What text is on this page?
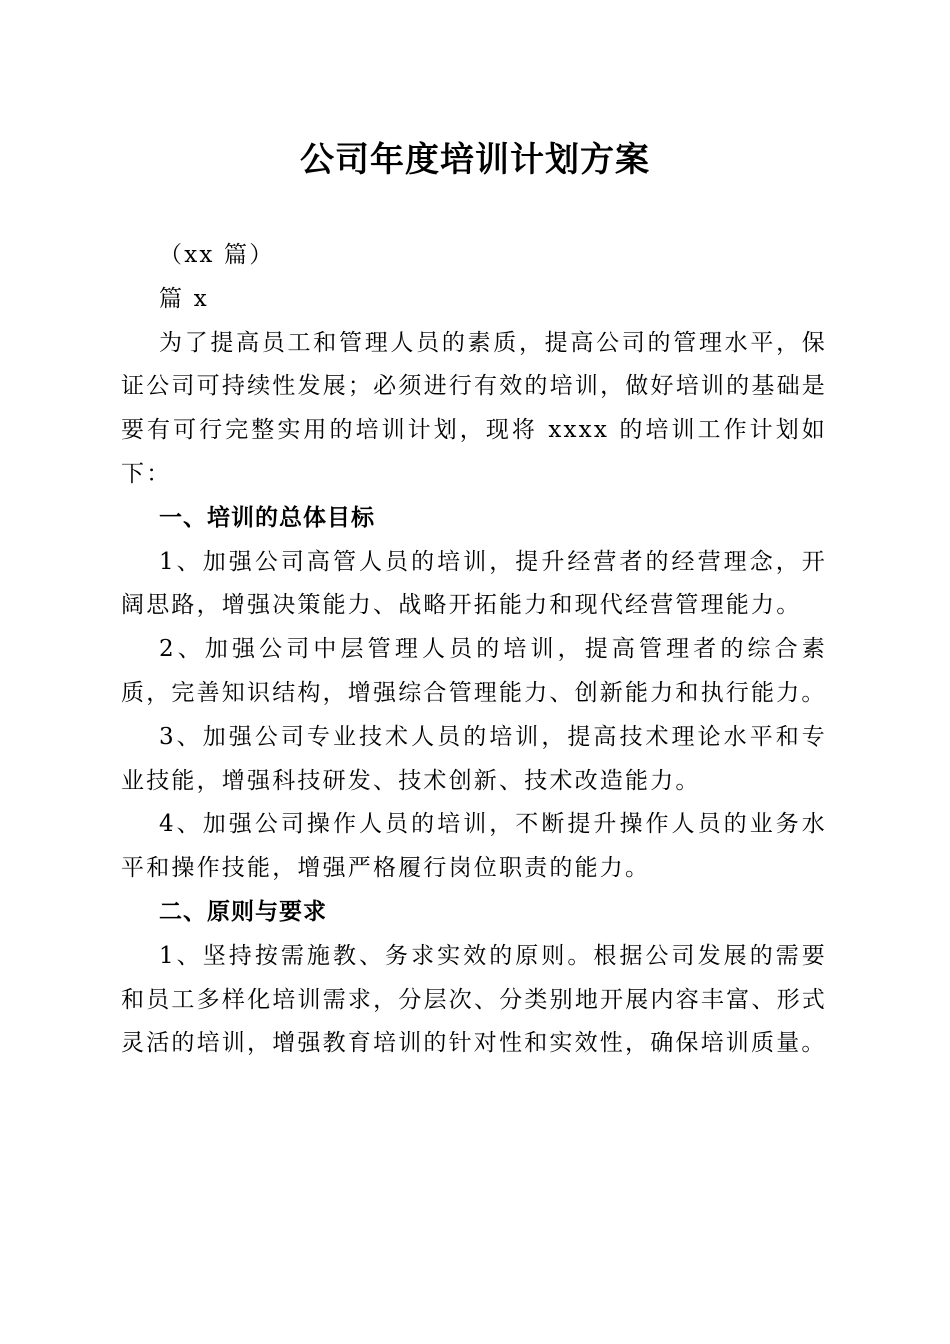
公司年度培训计划方案

（xx 篇）

篇 x

为了提高员工和管理人员的素质，提高公司的管理水平，保证公司可持续性发展；必须进行有效的培训，做好培训的基础是要有可行完整实用的培训计划，现将 xxxx 的培训工作计划如下：

一、培训的总体目标

1、加强公司高管人员的培训，提升经营者的经营理念，开阔思路，增强决策能力、战略开拓能力和现代经营管理能力。

2、加强公司中层管理人员的培训，提高管理者的综合素质，完善知识结构，增强综合管理能力、创新能力和执行能力。

3、加强公司专业技术人员的培训，提高技术理论水平和专业技能，增强科技研发、技术创新、技术改造能力。

4、加强公司操作人员的培训，不断提升操作人员的业务水平和操作技能，增强严格履行岗位职责的能力。

二、原则与要求

1、坚持按需施教、务求实效的原则。根据公司发展的需要和员工多样化培训需求，分层次、分类别地开展内容丰富、形式灵活的培训，增强教育培训的针对性和实效性，确保培训质量。
